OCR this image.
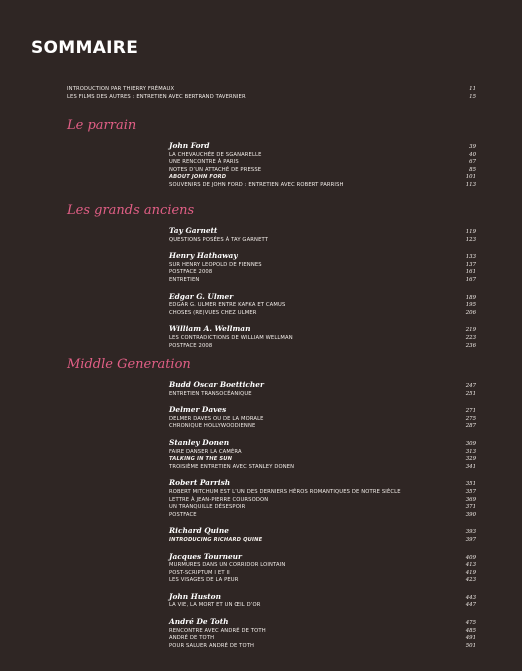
SOMMAIRE
INTRODUCTION PAR THIERRY FRÉMAUX	11
LES FILMS DES AUTRES : ENTRETIEN AVEC BERTRAND TAVERNIER	15
Le parrain
John Ford	39
LA CHEVAUCHÉE DE SGANARELLE	40
UNE RENCONTRE À PARIS	67
NOTES D’UN ATTACHÉ DE PRESSE	85
ABOUT JOHN FORD	101
SOUVENIRS DE JOHN FORD : ENTRETIEN AVEC ROBERT PARRISH	113
Les grands anciens
Tay Garnett	119
QUESTIONS POSÉES À TAY GARNETT	123
Henry Hathaway	133
SUR HENRY LEOPOLD DE FIENNES	137
POSTFACE 2008	161
ENTRETIEN	167
Edgar G. Ulmer	189
EDGAR G. ULMER ENTRE KAFKA ET CAMUS	195
CHOSES (RE)VUES CHEZ ULMER	206
William A. Wellman	219
LES CONTRADICTIONS DE WILLIAM WELLMAN	223
POSTFACE 2008	236
Middle Generation
Budd Oscar Boetticher	247
ENTRETIEN TRANSOCÉANIQUE	251
Delmer Daves	271
DELMER DAVES OU DE LA MORALE	275
CHRONIQUE HOLLYWOODIENNE	287
Stanley Donen	309
FAIRE DANSER LA CAMÉRA	313
TALKING IN THE SUN	329
TROISIÈME ENTRETIEN AVEC STANLEY DONEN	341
Robert Parrish	351
ROBERT MITCHUM EST L’UN DES DERNIERS HÉROS ROMANTIQUES DE NOTRE SIÈCLE	357
LETTRE À JEAN-PIERRE COURSODON	369
UN TRANQUILLE DÉSESPOIR	371
POSTFACE	390
Richard Quine	393
INTRODUCING RICHARD QUINE	397
Jacques Tourneur	409
MURMURES DANS UN CORRIDOR LOINTAIN	413
POST-SCRIPTUM I ET II	419
LES VISAGES DE LA PEUR	423
John Huston	443
LA VIE, LA MORT ET UN ŒIL D’OR	447
André De Toth	475
RENCONTRE AVEC ANDRÉ DE TOTH	485
ANDRÉ DE TOTH	491
POUR SALUER ANDRÉ DE TOTH	501
